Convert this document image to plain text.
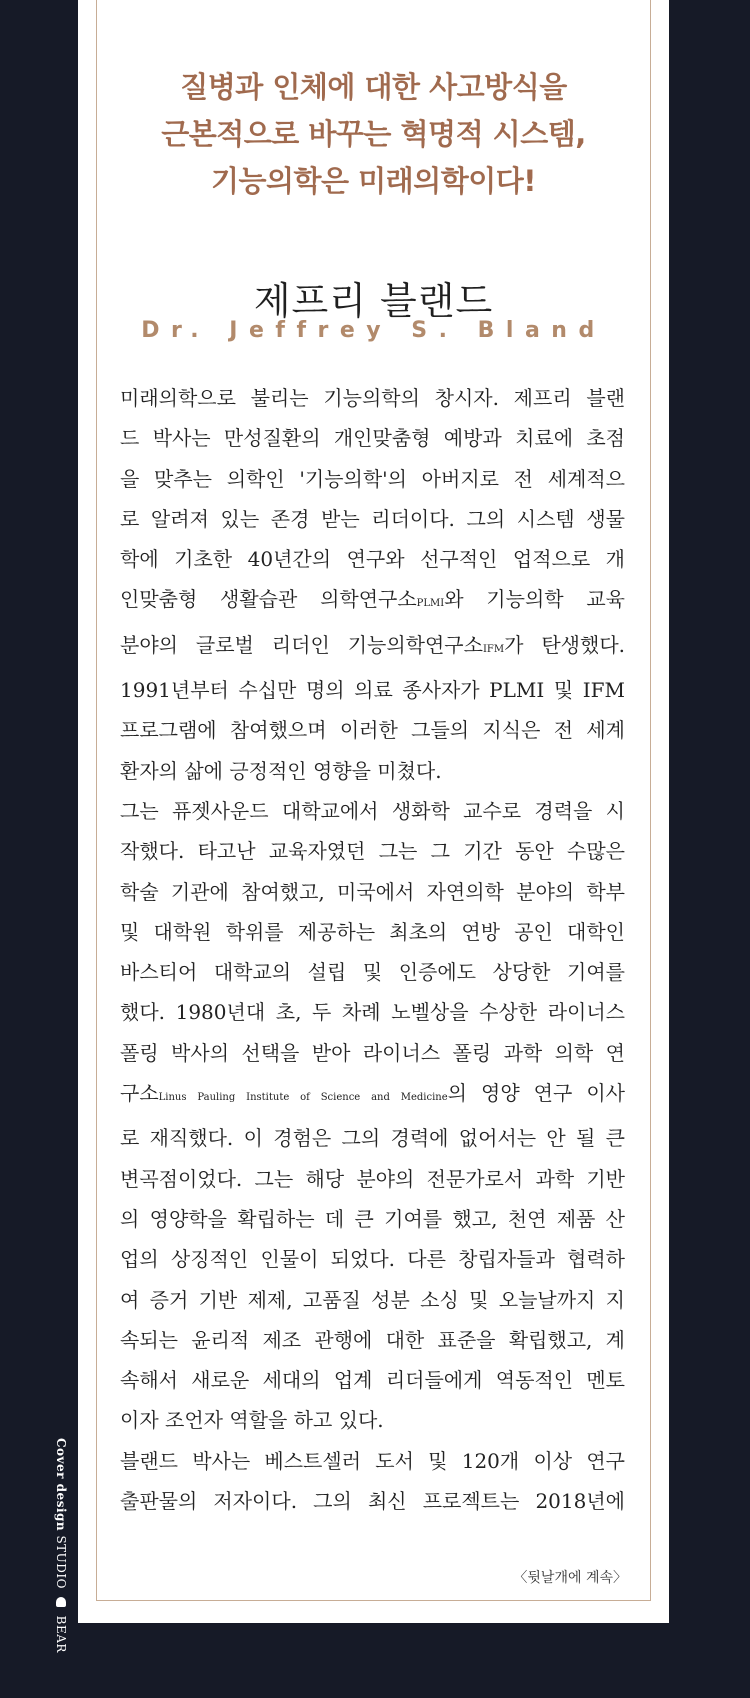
질병과 인체에 대한 사고방식을
근본적으로 바꾸는 혁명적 시스템,
기능의학은 미래의학이다!
제프리 블랜드
Dr. Jeffrey S. Bland
미래의학으로 불리는 기능의학의 창시자. 제프리 블랜
드 박사는 만성질환의 개인맞춤형 예방과 치료에 초점
을 맞추는 의학인 '기능의학'의 아버지로 전 세계적으
로 알려져 있는 존경 받는 리더이다. 그의 시스템 생물
학에 기초한 40년간의 연구와 선구적인 업적으로 개
인맞춤형 생활습관 의학연구소PLMI와 기능의학 교육
분야의 글로벌 리더인 기능의학연구소IFM가 탄생했다.
1991년부터 수십만 명의 의료 종사자가 PLMI 및 IFM
프로그램에 참여했으며 이러한 그들의 지식은 전 세계
환자의 삶에 긍정적인 영향을 미쳤다.
그는 퓨젯사운드 대학교에서 생화학 교수로 경력을 시
작했다. 타고난 교육자였던 그는 그 기간 동안 수많은
학술 기관에 참여했고, 미국에서 자연의학 분야의 학부
및 대학원 학위를 제공하는 최초의 연방 공인 대학인
바스티어 대학교의 설립 및 인증에도 상당한 기여를
했다. 1980년대 초, 두 차례 노벨상을 수상한 라이너스
폴링 박사의 선택을 받아 라이너스 폴링 과학 의학 연
구소Linus Pauling Institute of Science and Medicine의 영양 연구 이사
로 재직했다. 이 경험은 그의 경력에 없어서는 안 될 큰
변곡점이었다. 그는 해당 분야의 전문가로서 과학 기반
의 영양학을 확립하는 데 큰 기여를 했고, 천연 제품 산
업의 상징적인 인물이 되었다. 다른 창립자들과 협력하
여 증거 기반 제제, 고품질 성분 소싱 및 오늘날까지 지
속되는 윤리적 제조 관행에 대한 표준을 확립했고, 계
속해서 새로운 세대의 업계 리더들에게 역동적인 멘토
이자 조언자 역할을 하고 있다.
블랜드 박사는 베스트셀러 도서 및 120개 이상 연구
출판물의 저자이다. 그의 최신 프로젝트는 2018년에
〈뒷날개에 계속〉
Cover design STUDIO  BEAR
